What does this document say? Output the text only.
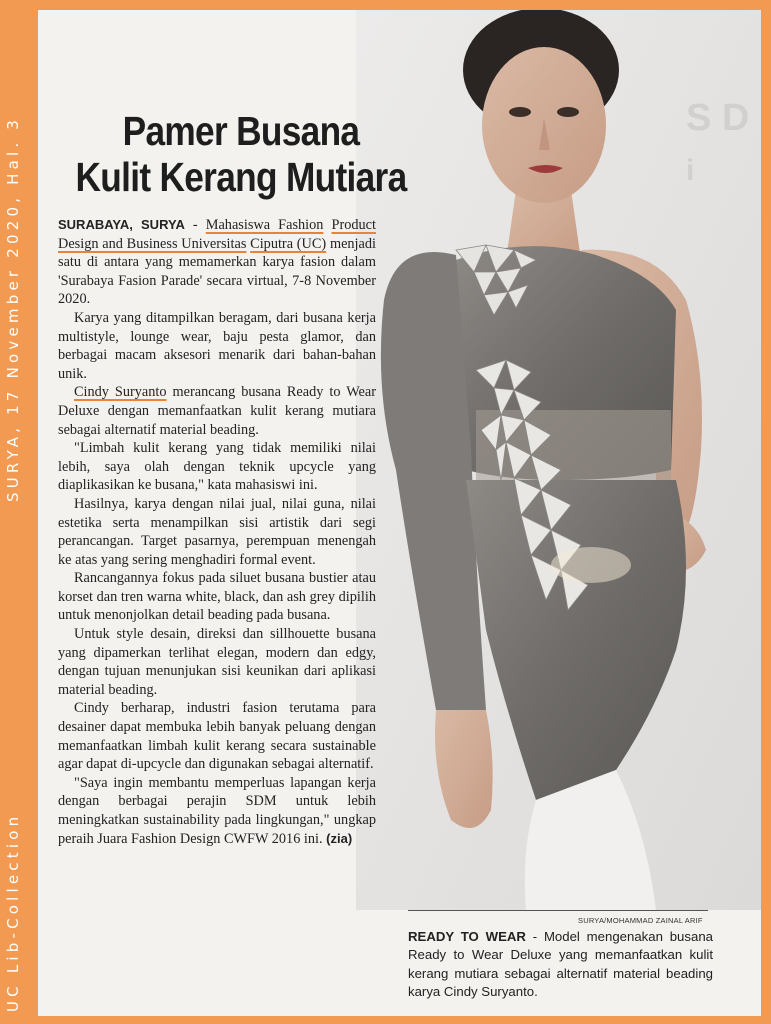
SURYA, 17 November 2020, Hal. 3
UC Lib-Collection
S D
i
Pamer Busana
Kulit Kerang Mutiara

SURABAYA, SURYA - Mahasiswa Fashion Product Design and Business Universitas Ciputra (UC) menjadi satu di antara yang memamerkan karya fasion dalam 'Surabaya Fasion Parade' secara virtual, 7-8 November 2020.

Karya yang ditampilkan beragam, dari busana kerja multistyle, lounge wear, baju pesta glamor, dan berbagai macam aksesori menarik dari bahan-bahan unik.

Cindy Suryanto merancang busana Ready to Wear Deluxe dengan memanfaatkan kulit kerang mutiara sebagai alternatif material beading.

"Limbah kulit kerang yang tidak memiliki nilai lebih, saya olah dengan teknik upcycle yang diaplikasikan ke busana," kata mahasiswi ini.

Hasilnya, karya dengan nilai jual, nilai guna, nilai estetika serta menampilkan sisi artistik dari segi perancangan. Target pasarnya, perempuan menengah ke atas yang sering menghadiri formal event.

Rancangannya fokus pada siluet busana bustier atau korset dan tren warna white, black, dan ash grey dipilih untuk menonjolkan detail beading pada busana.

Untuk style desain, direksi dan sillhouette busana yang dipamerkan terlihat elegan, modern dan edgy, dengan tujuan menunjukan sisi keunikan dari aplikasi material beading.

Cindy berharap, industri fasion terutama para desainer dapat membuka lebih banyak peluang dengan memanfaatkan limbah kulit kerang secara sustainable agar dapat di-upcycle dan digunakan sebagai alternatif.

"Saya ingin membantu memperluas lapangan kerja dengan berbagai perajin SDM untuk lebih meningkatkan sustainability pada lingkungan," ungkap peraih Juara Fashion Design CWFW 2016 ini. (zia)

SURYA/MOHAMMAD ZAINAL ARIF
READY TO WEAR - Model mengenakan busana Ready to Wear Deluxe yang memanfaatkan kulit kerang mutiara sebagai alternatif material beading karya Cindy Suryanto.
